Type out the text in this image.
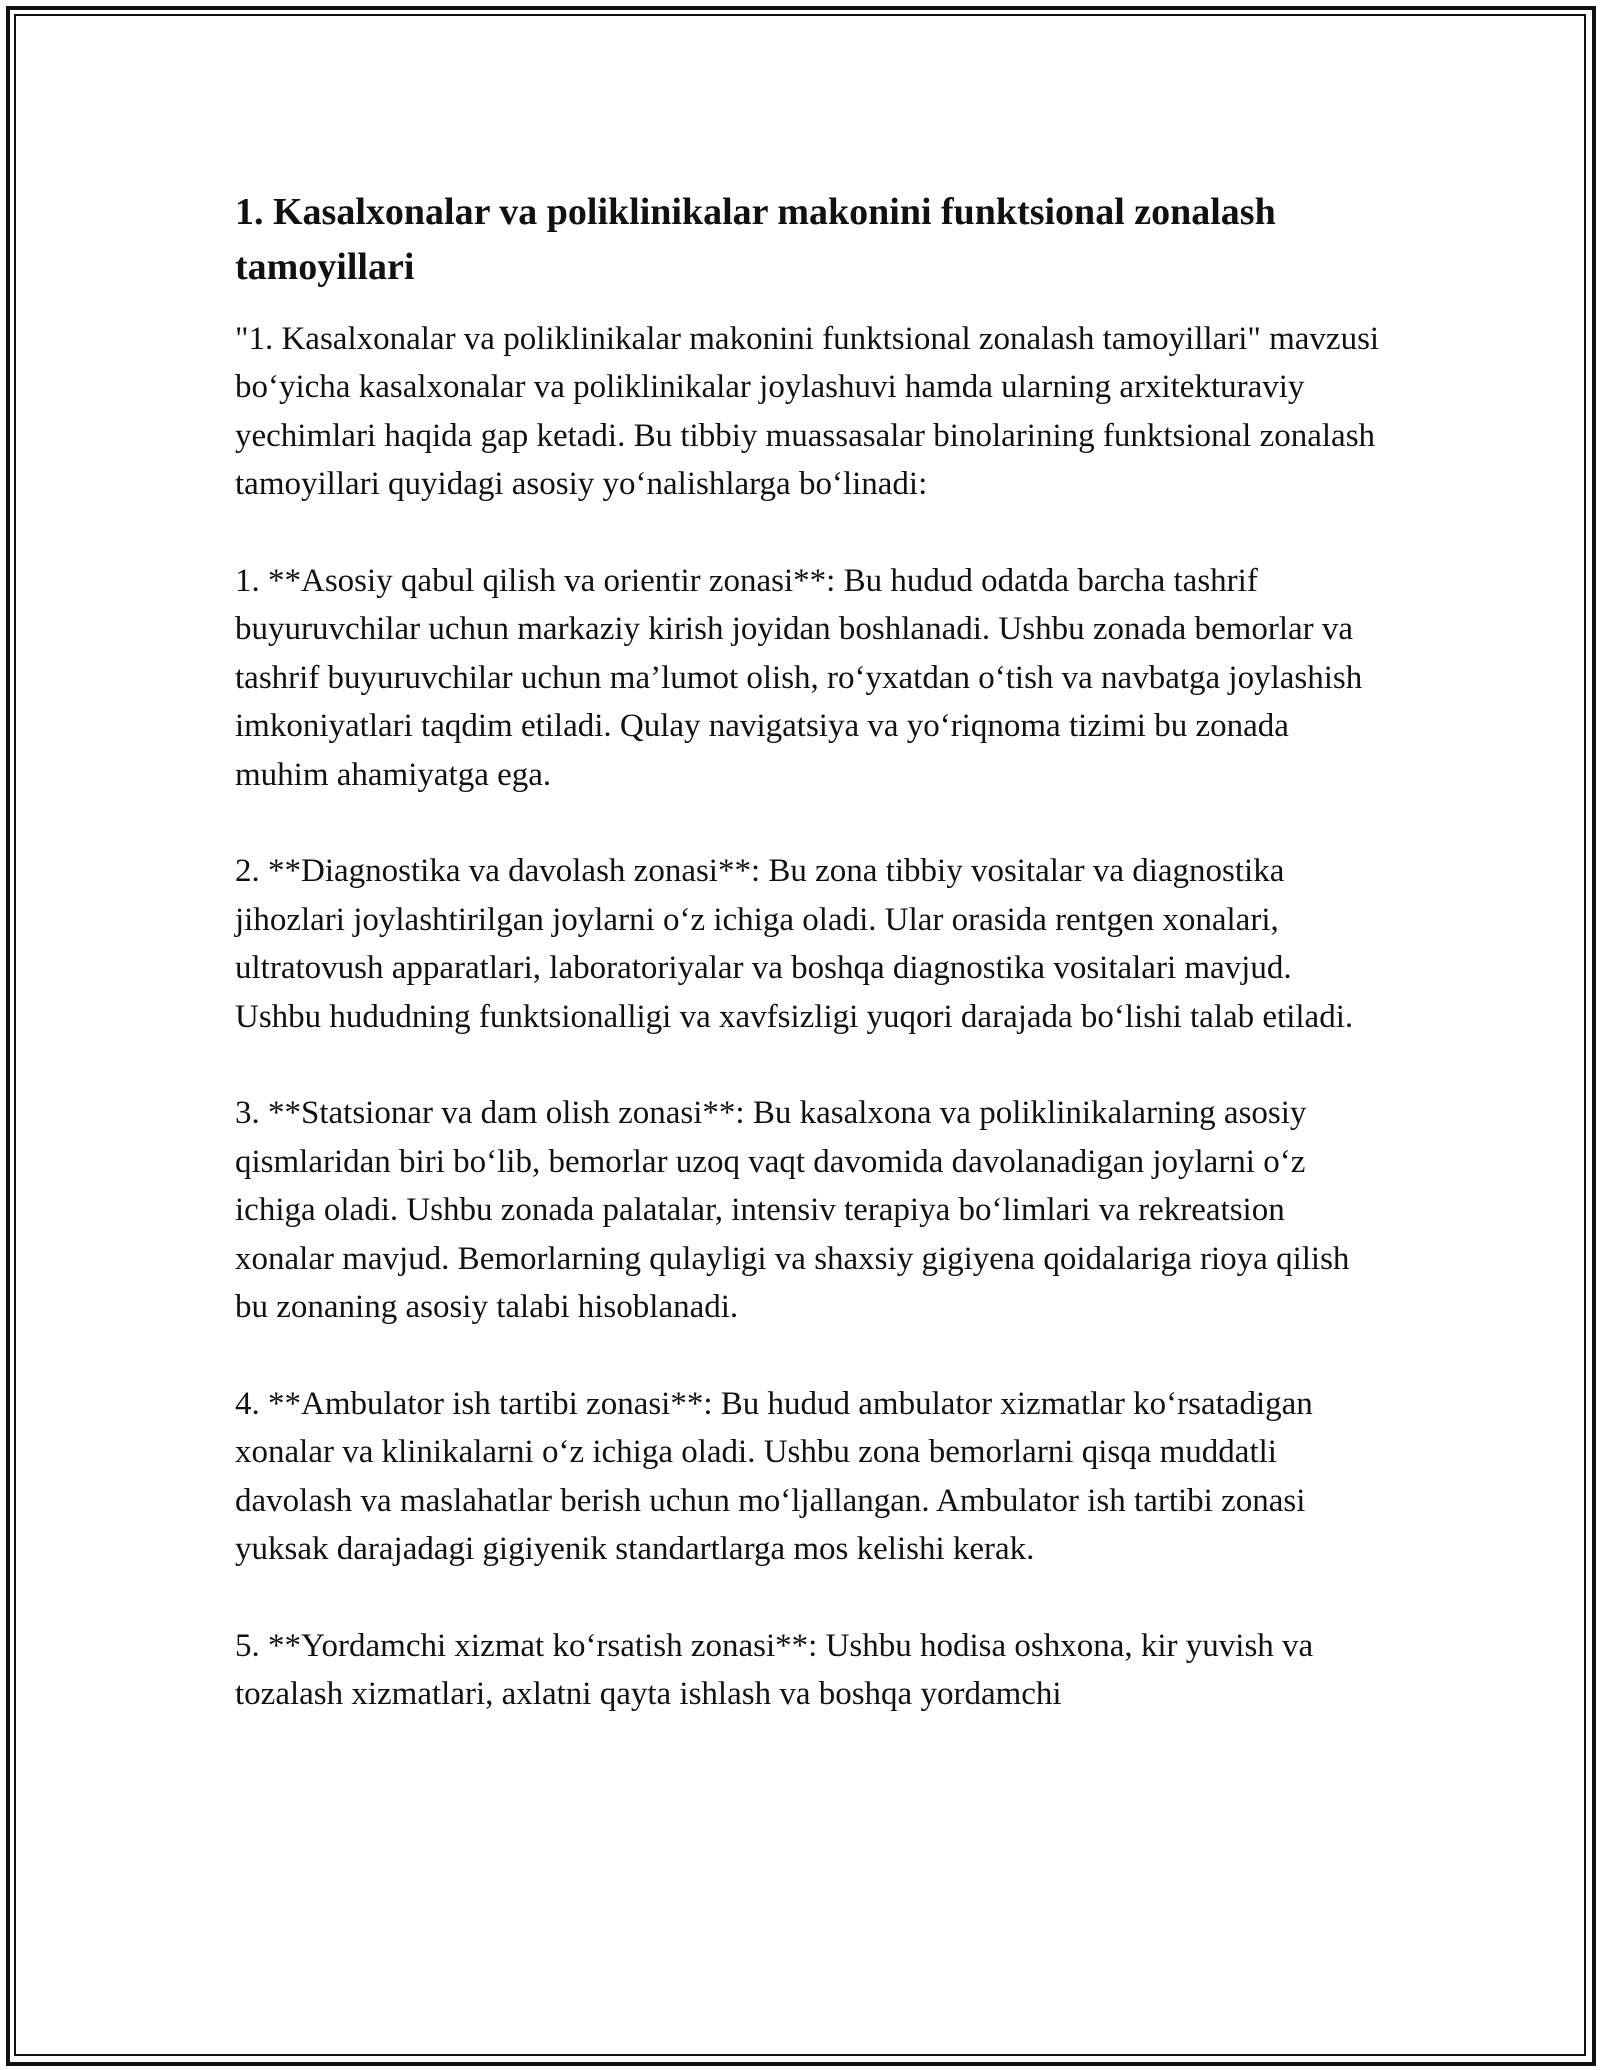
1. Kasalxonalar va poliklinikalar makonini funktsional zonalash tamoyillari

"1. Kasalxonalar va poliklinikalar makonini funktsional zonalash tamoyillari" mavzusi bo‘yicha kasalxonalar va poliklinikalar joylashuvi hamda ularning arxitekturaviy yechimlari haqida gap ketadi. Bu tibbiy muassasalar binolarining funktsional zonalash tamoyillari quyidagi asosiy yo‘nalishlarga bo‘linadi:

1. **Asosiy qabul qilish va orientir zonasi**: Bu hudud odatda barcha tashrif buyuruvchilar uchun markaziy kirish joyidan boshlanadi. Ushbu zonada bemorlar va tashrif buyuruvchilar uchun ma’lumot olish, ro‘yxatdan o‘tish va navbatga joylashish imkoniyatlari taqdim etiladi. Qulay navigatsiya va yo‘riqnoma tizimi bu zonada muhim ahamiyatga ega.

2. **Diagnostika va davolash zonasi**: Bu zona tibbiy vositalar va diagnostika jihozlari joylashtirilgan joylarni o‘z ichiga oladi. Ular orasida rentgen xonalari, ultratovush apparatlari, laboratoriyalar va boshqa diagnostika vositalari mavjud. Ushbu hududning funktsionalligi va xavfsizligi yuqori darajada bo‘lishi talab etiladi.

3. **Statsionar va dam olish zonasi**: Bu kasalxona va poliklinikalarning asosiy qismlaridan biri bo‘lib, bemorlar uzoq vaqt davomida davolanadigan joylarni o‘z ichiga oladi. Ushbu zonada palatalar, intensiv terapiya bo‘limlari va rekreatsion xonalar mavjud. Bemorlarning qulayligi va shaxsiy gigiyena qoidalariga rioya qilish bu zonaning asosiy talabi hisoblanadi.

4. **Ambulator ish tartibi zonasi**: Bu hudud ambulator xizmatlar ko‘rsatadigan xonalar va klinikalarni o‘z ichiga oladi. Ushbu zona bemorlarni qisqa muddatli davolash va maslahatlar berish uchun mo‘ljallangan. Ambulator ish tartibi zonasi yuksak darajadagi gigiyenik standartlarga mos kelishi kerak.

5. **Yordamchi xizmat ko‘rsatish zonasi**: Ushbu hodisa oshxona, kir yuvish va tozalash xizmatlari, axlatni qayta ishlash va boshqa yordamchi
